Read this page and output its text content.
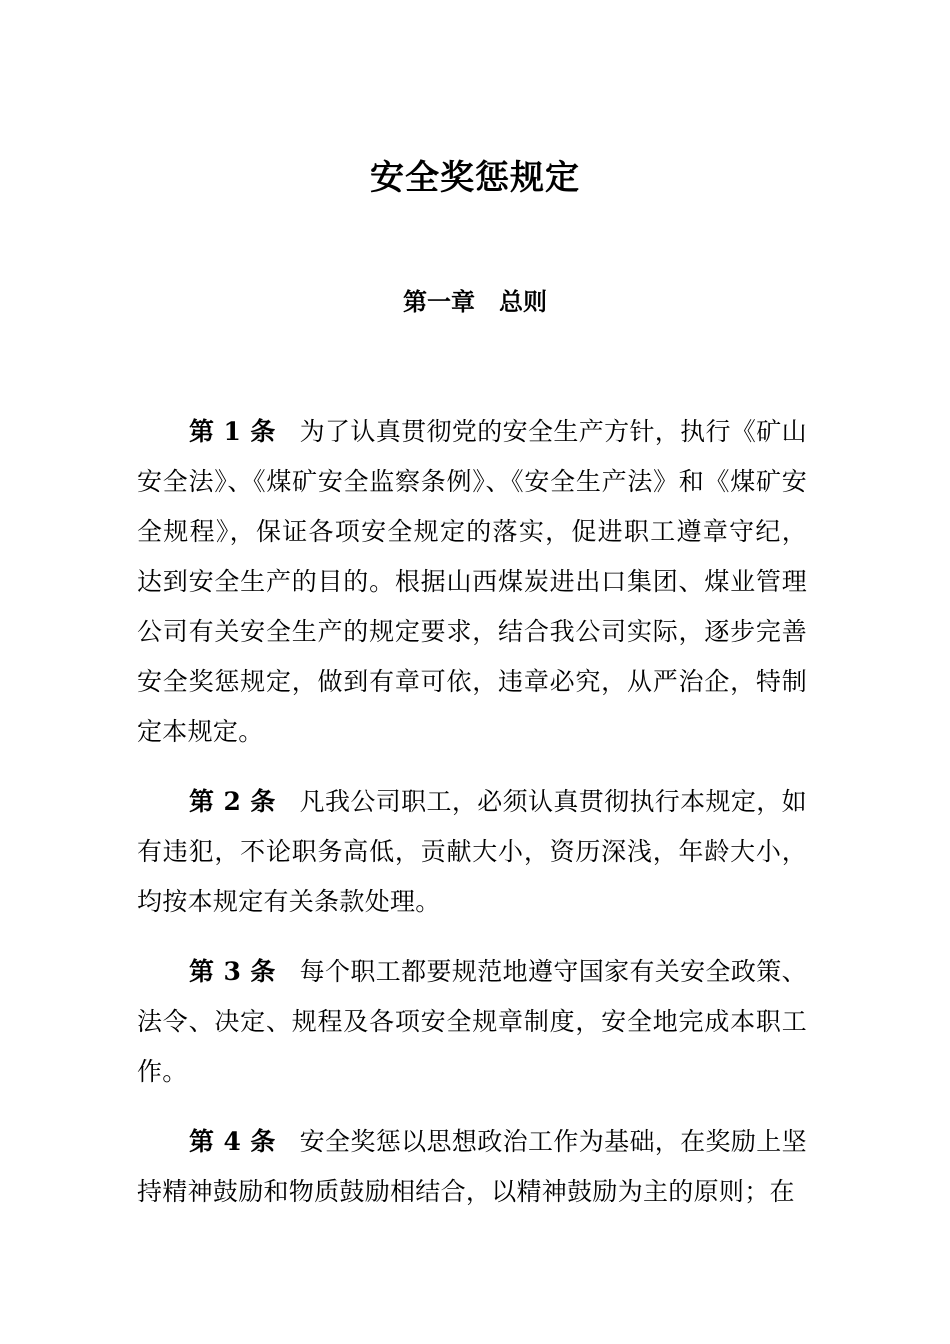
安全奖惩规定
第一章　总则

第 1 条 为了认真贯彻党的安全生产方针，执行《矿山安全法》、《煤矿安全监察条例》、《安全生产法》和《煤矿安全规程》，保证各项安全规定的落实，促进职工遵章守纪，达到安全生产的目的。根据山西煤炭进出口集团、煤业管理公司有关安全生产的规定要求，结合我公司实际，逐步完善安全奖惩规定，做到有章可依，违章必究，从严治企，特制定本规定。

第 2 条 凡我公司职工，必须认真贯彻执行本规定，如有违犯，不论职务高低，贡献大小，资历深浅，年龄大小，均按本规定有关条款处理。

第 3 条 每个职工都要规范地遵守国家有关安全政策、法令、决定、规程及各项安全规章制度，安全地完成本职工作。

第 4 条 安全奖惩以思想政治工作为基础，在奖励上坚持精神鼓励和物质鼓励相结合，以精神鼓励为主的原则；在
